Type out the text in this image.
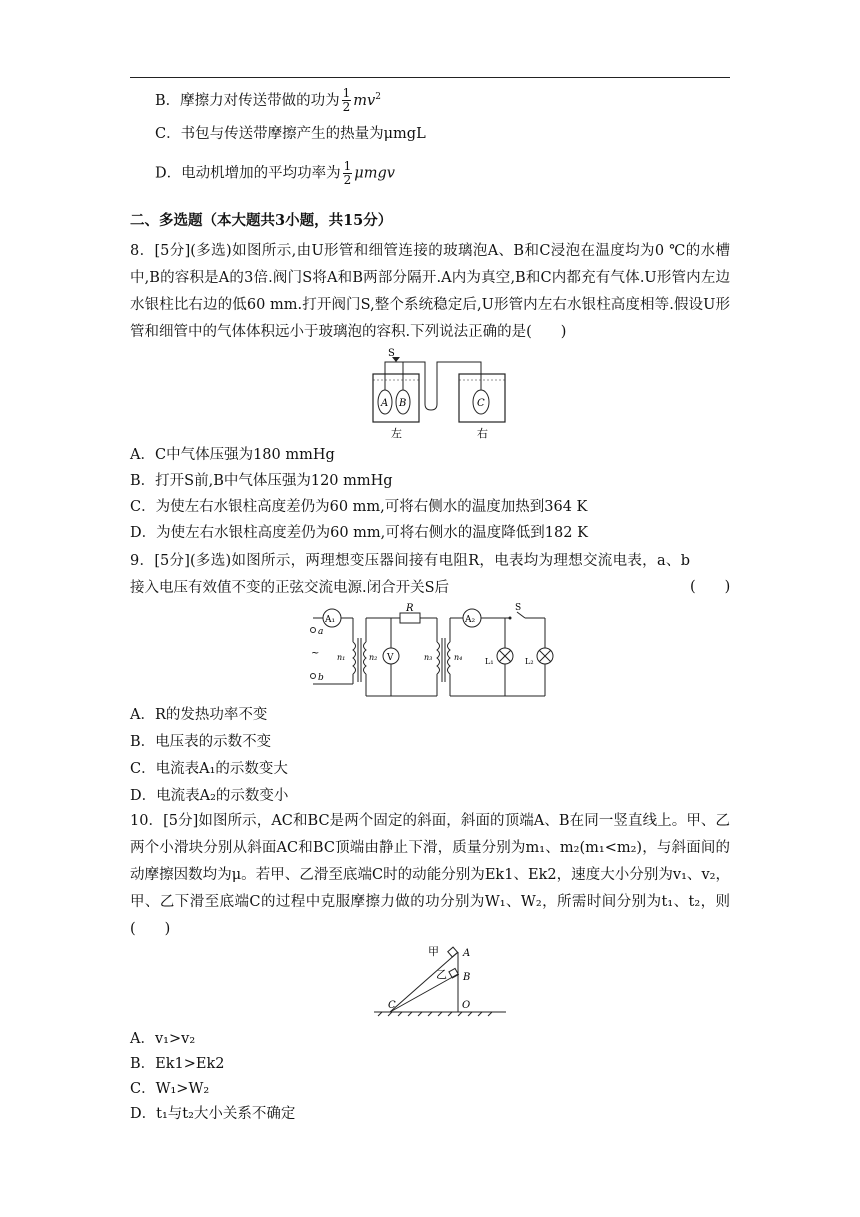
B．摩擦力对传送带做的功为 $\frac{1}{2} mv^2$
C．书包与传送带摩擦产生的热量为μmgL
D．电动机增加的平均功率为 $\frac{1}{2}$ μmgv
二、多选题（本大题共3小题，共15分）
8．[5分](多选)如图所示,由U形管和细管连接的玻璃泡A、B和C浸泡在温度均为0 ℃的水槽中,B的容积是A的3倍.阀门S将A和B两部分隔开.A内为真空,B和C内都充有气体.U形管内左边水银柱比右边的低60 mm.打开阀门S,整个系统稳定后,U形管内左右水银柱高度相等.假设U形管和细管中的气体体积远小于玻璃泡的容积.下列说法正确的是(　　)
S
A B	C
左	右
A．C中气体压强为180 mmHg
B．打开S前,B中气体压强为120 mmHg
C．为使左右水银柱高度差仍为60 mm,可将右侧水的温度加热到364 K
D．为使左右水银柱高度差仍为60 mm,可将右侧水的温度降低到182 K
9．[5分](多选)如图所示，两理想变压器间接有电阻R，电表均为理想交流电表，a、b接入电压有效值不变的正弦交流电源.闭合开关S后	(　　)
A₁	A₂
V
R	S
a
b
~ n₁	n₂	n₃	n₄	L₁	L₂
A．R的发热功率不变
B．电压表的示数不变
C．电流表A₁的示数变大
D．电流表A₂的示数变小
10．[5分]如图所示，AC和BC是两个固定的斜面，斜面的顶端A、B在同一竖直线上。甲、乙两个小滑块分别从斜面AC和BC顶端由静止下滑，质量分别为m₁、m₂(m₁<m₂)，与斜面间的动摩擦因数均为μ。若甲、乙滑至底端C时的动能分别为Ek1、Ek2，速度大小分别为v₁、v₂，甲、乙下滑至底端C的过程中克服摩擦力做的功分别为W₁、W₂，所需时间分别为t₁、t₂，则(　　)
甲
乙
A
B
C	O
A．v₁>v₂
B．Ek1>Ek2
C．W₁>W₂
D．t₁与t₂大小关系不确定
